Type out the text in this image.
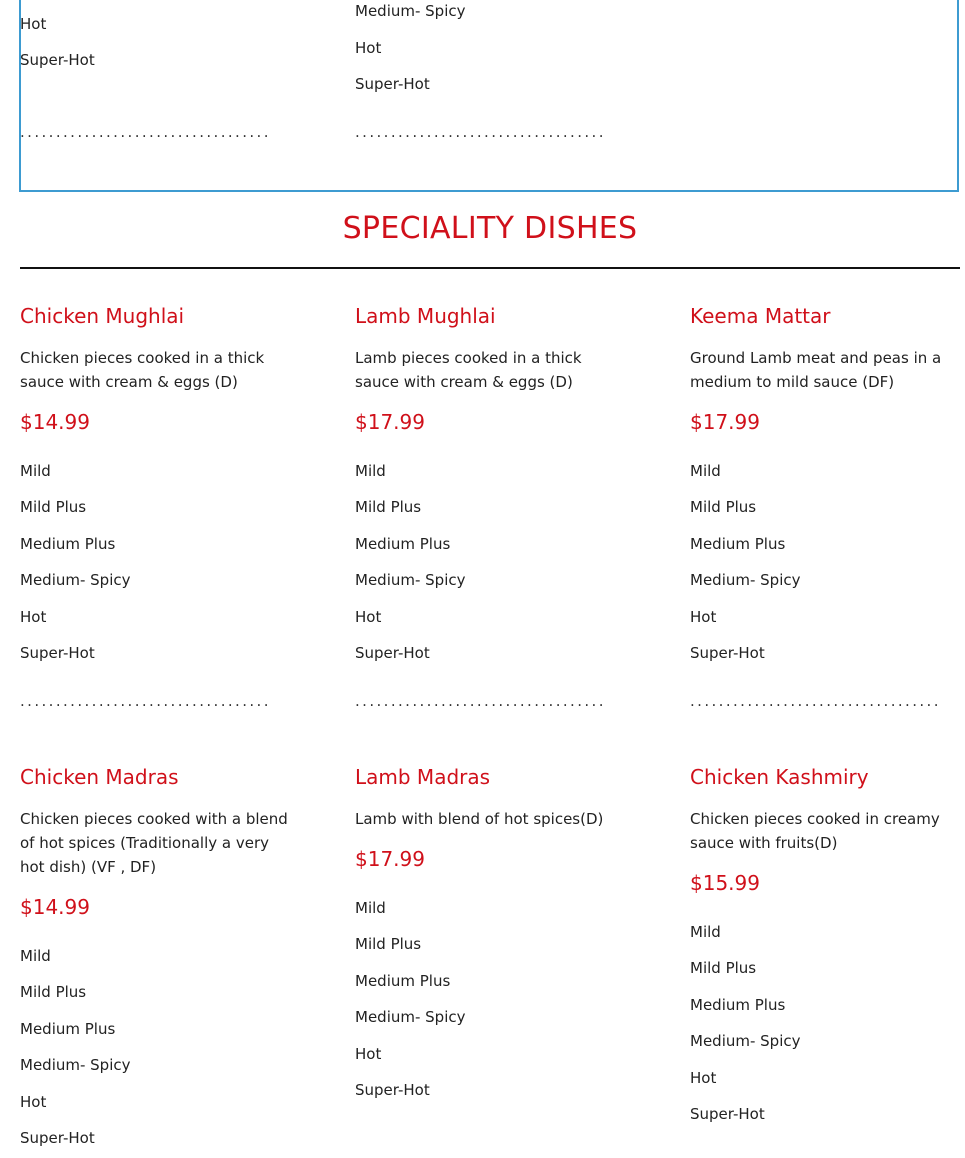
Hot
Super-Hot
...................................
Medium- Spicy
Hot
Super-Hot
...................................
SPECIALITY DISHES
Chicken Mughlai
Chicken pieces cooked in a thick sauce with cream & eggs (D)
$14.99
Mild
Mild Plus
Medium Plus
Medium- Spicy
Hot
Super-Hot
...................................
Lamb Mughlai
Lamb pieces cooked in a thick sauce with cream & eggs (D)
$17.99
Mild
Mild Plus
Medium Plus
Medium- Spicy
Hot
Super-Hot
...................................
Keema Mattar
Ground Lamb meat and peas in a medium to mild sauce (DF)
$17.99
Mild
Mild Plus
Medium Plus
Medium- Spicy
Hot
Super-Hot
...................................
Chicken Madras
Chicken pieces cooked with a blend of hot spices (Traditionally a very hot dish) (VF , DF)
$14.99
Mild
Mild Plus
Medium Plus
Medium- Spicy
Hot
Super-Hot
Lamb Madras
Lamb with blend of hot spices(D)
$17.99
Mild
Mild Plus
Medium Plus
Medium- Spicy
Hot
Super-Hot
Chicken Kashmiry
Chicken pieces cooked in creamy sauce with fruits(D)
$15.99
Mild
Mild Plus
Medium Plus
Medium- Spicy
Hot
Super-Hot
